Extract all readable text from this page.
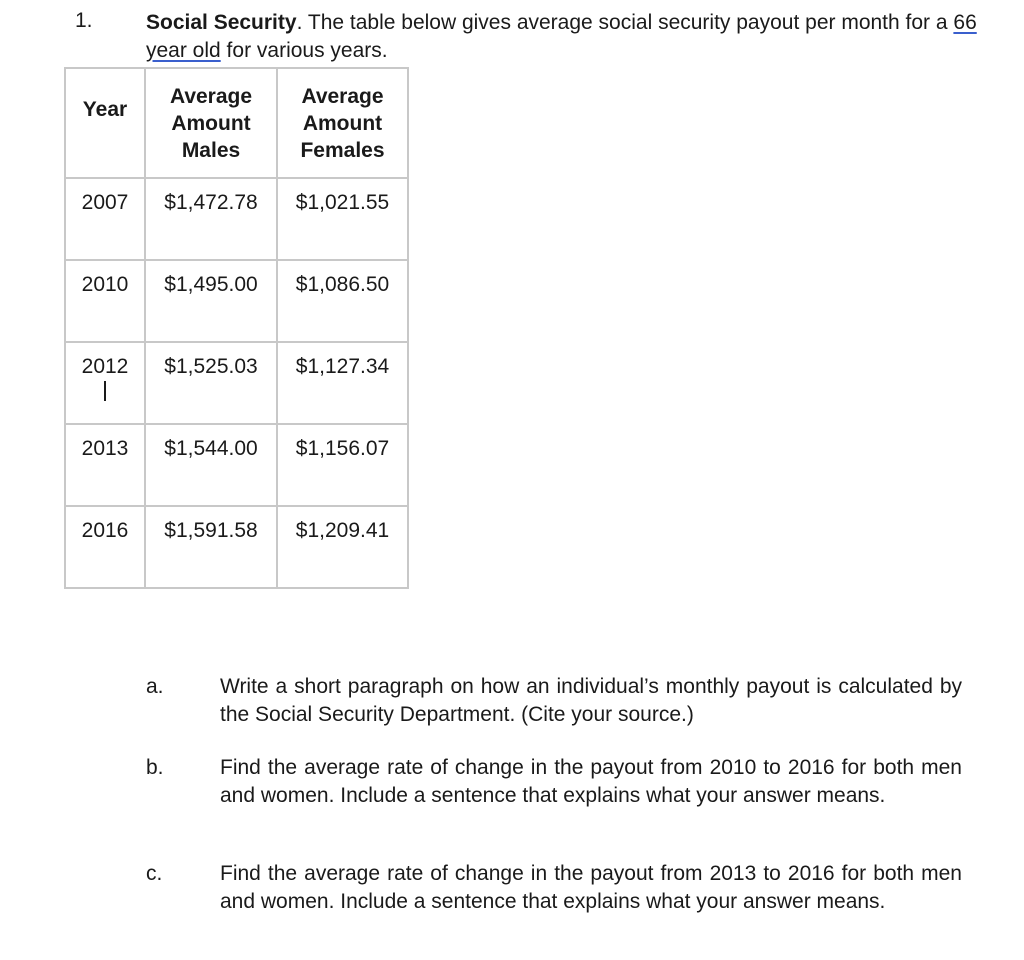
1.	Social Security. The table below gives average social security payout per month for a 66 year old for various years.
Year	Average Amount Males	Average Amount Females
2007	$1,472.78	$1,021.55
2010	$1,495.00	$1,086.50
2012	$1,525.03	$1,127.34
2013	$1,544.00	$1,156.07
2016	$1,591.58	$1,209.41
a.	Write a short paragraph on how an individual’s monthly payout is calculated by the Social Security Department. (Cite your source.)
b.	Find the average rate of change in the payout from 2010 to 2016 for both men and women. Include a sentence that explains what your answer means.
c.	Find the average rate of change in the payout from 2013 to 2016 for both men and women. Include a sentence that explains what your answer means.
